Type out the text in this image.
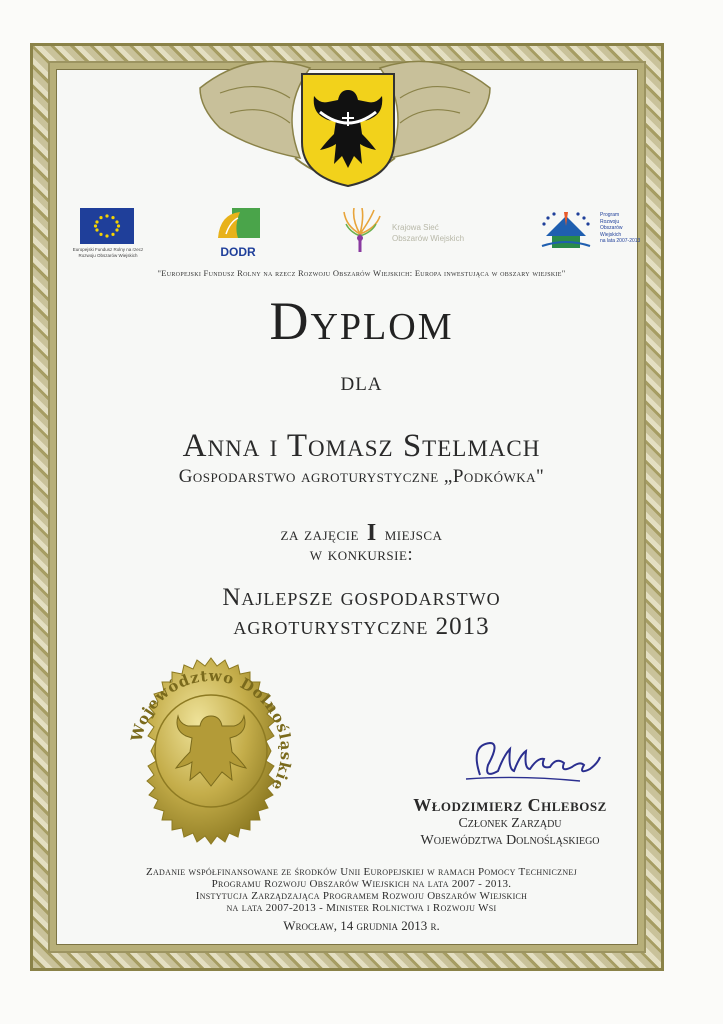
Europejski Fundusz Rolny na rzecz
Rozwoju Obszarów Wiejskich	DODR
Krajowa Sieć
Obszarów Wiejskich
Program
Rozwoju
Obszarów
Wiejskich
na lata 2007-2013
"Europejski Fundusz Rolny na rzecz Rozwoju Obszarów Wiejskich: Europa inwestująca w obszary wiejskie"
Dyplom
dla
Anna i Tomasz Stelmach
Gospodarstwo agroturystyczne „Podkówka"
za zajęcie I miejsca
w konkursie:
Najlepsze gospodarstwo
agroturystyczne 2013
Województwo Dolnośląskie
Włodzimierz Chlebosz
Członek Zarządu
Województwa Dolnośląskiego
Zadanie współfinansowane ze środków Unii Europejskiej w ramach Pomocy Technicznej
Programu Rozwoju Obszarów Wiejskich na lata 2007 - 2013.
Instytucja Zarządzająca Programem Rozwoju Obszarów Wiejskich
na lata 2007-2013 - Minister Rolnictwa i Rozwoju Wsi
Wrocław, 14 grudnia 2013 r.
